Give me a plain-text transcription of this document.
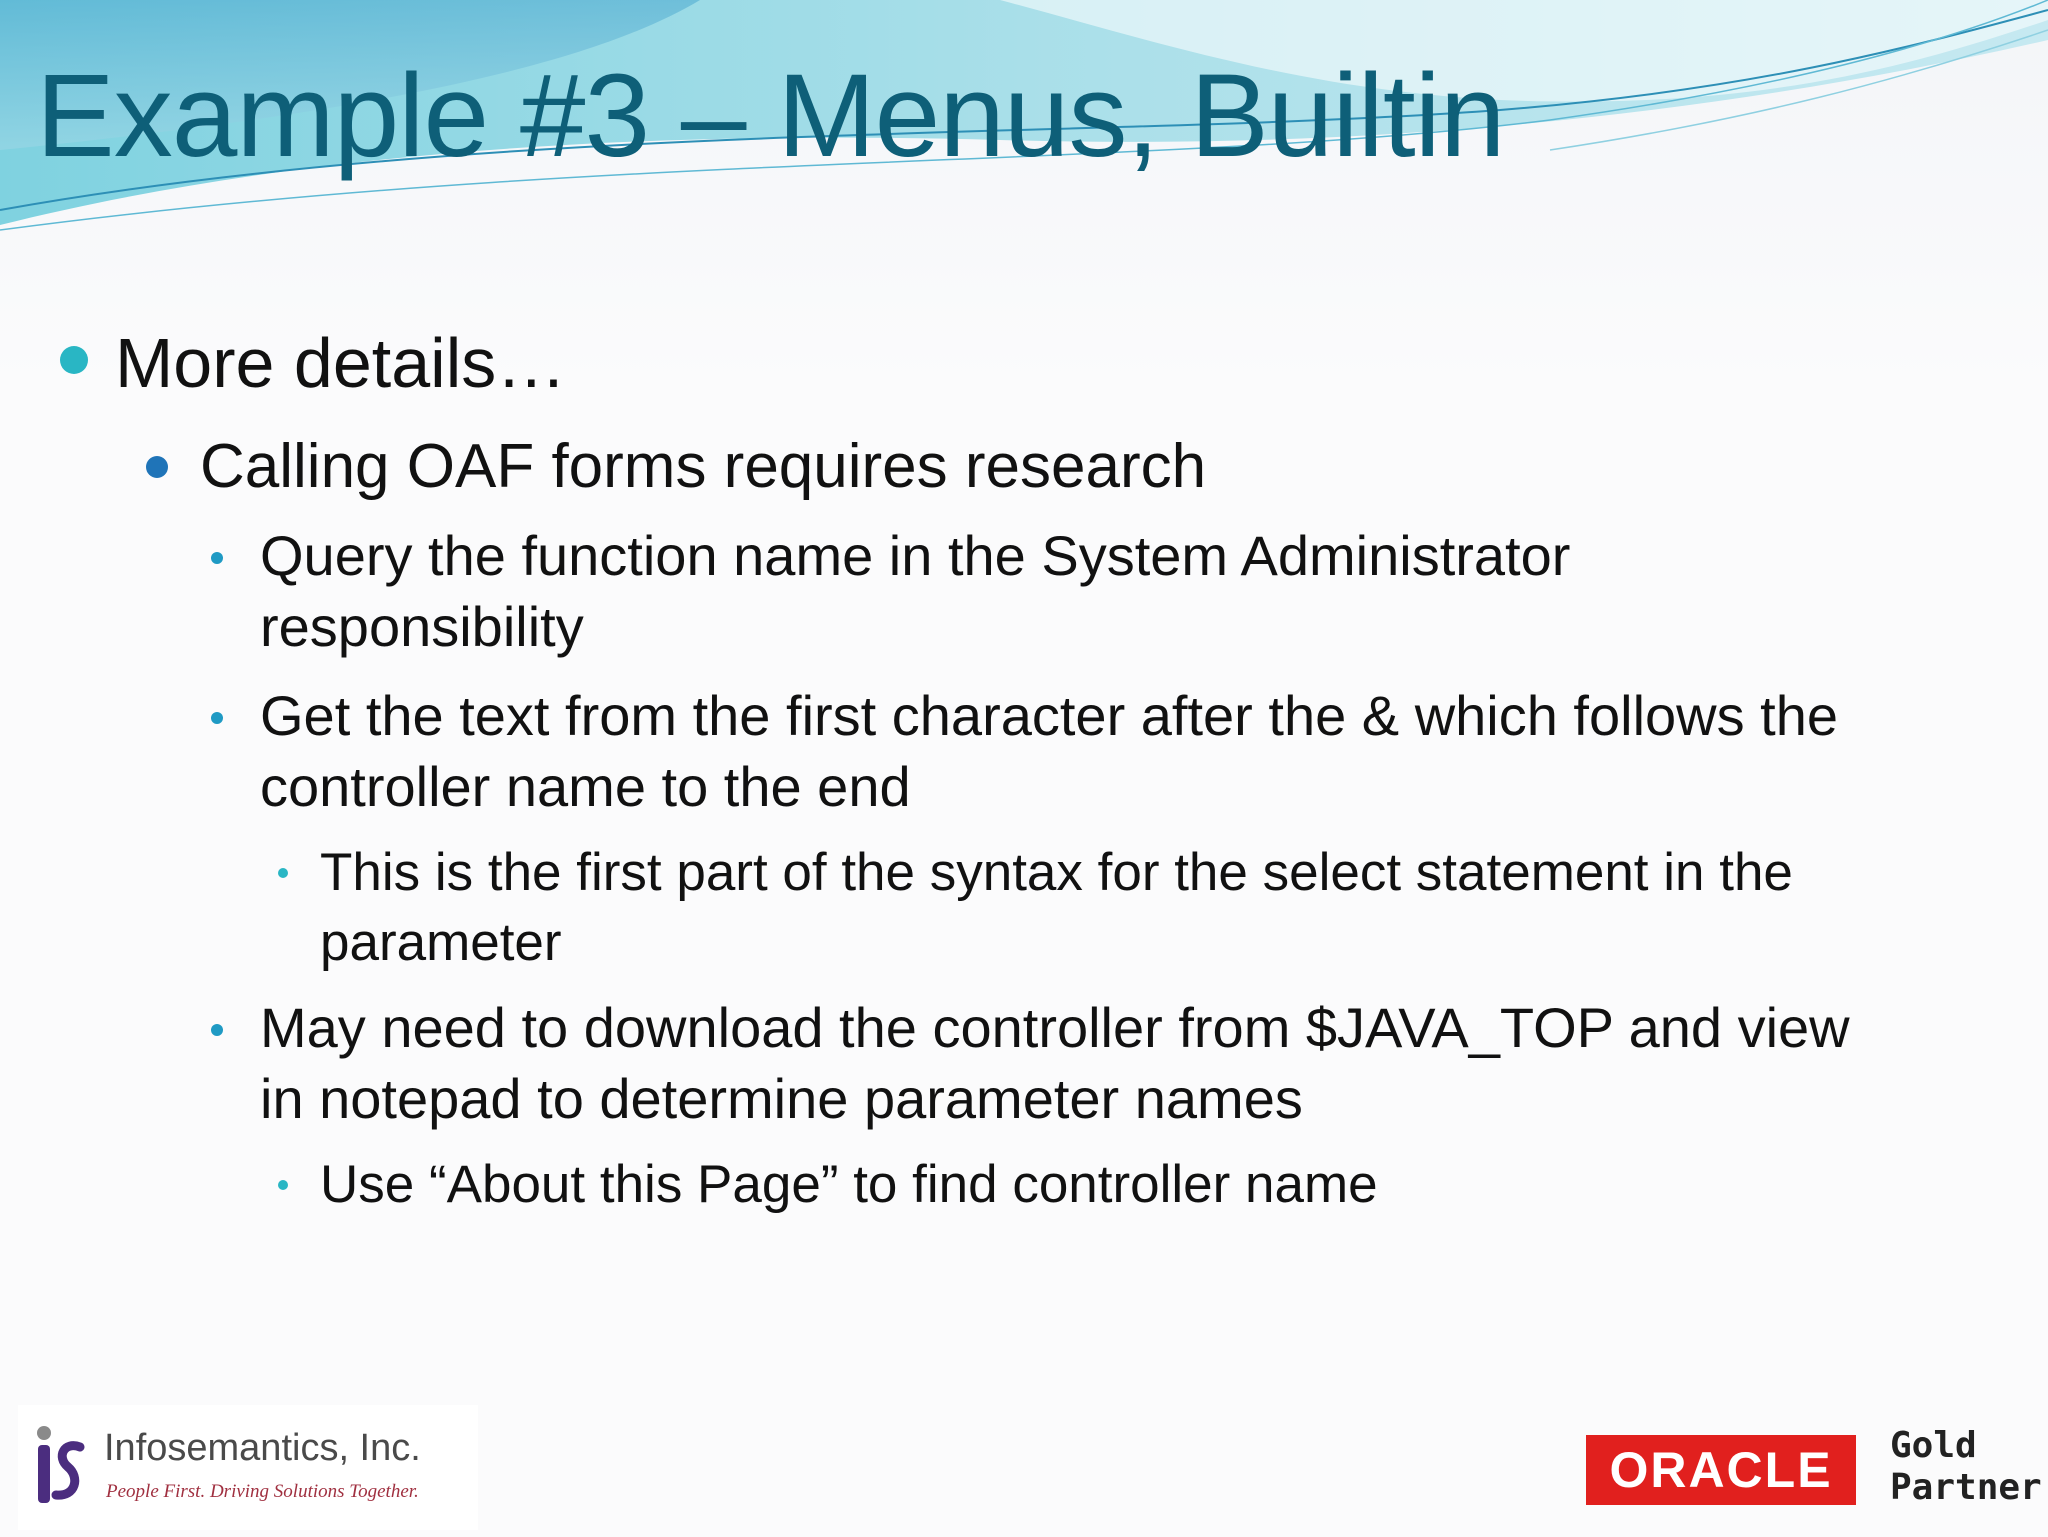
Example #3 – Menus, Builtin
More details…
Calling OAF forms requires research
Query the function name in the System Administrator
responsibility
Get the text from the first character after the & which follows the
controller name to the end
This is the first part of the syntax for the select statement in the
parameter
May need to download the controller from $JAVA_TOP and view
in notepad to determine parameter names
Use “About this Page” to find controller name
Infosemantics, Inc.
People First. Driving Solutions Together.	ORACLE Gold
Partner
